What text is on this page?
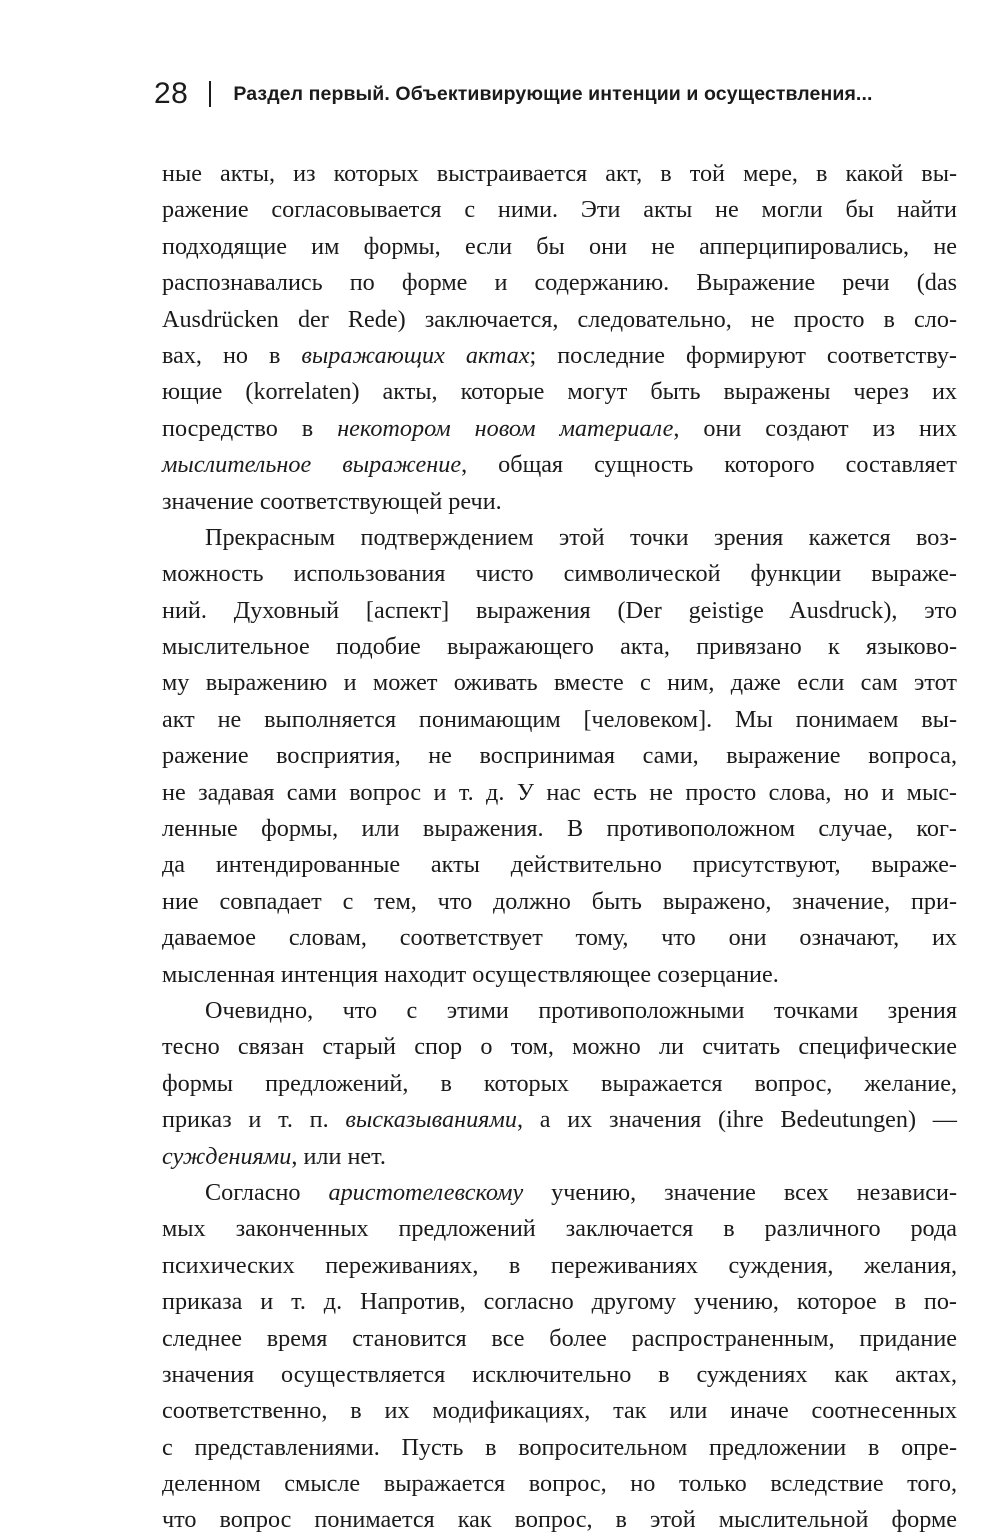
28 Раздел первый. Объективирующие интенции и осуществления...
ные акты, из которых выстраивается акт, в той мере, в какой вы-
ражение согласовывается с ними. Эти акты не могли бы найти
подходящие им формы, если бы они не апперципировались, не
распознавались по форме и содержанию. Выражение речи (das
Ausdrücken der Rede) заключается, следовательно, не просто в сло-
вах, но в выражающих актах; последние формируют соответству-
ющие (korrelaten) акты, которые могут быть выражены через их
посредство в некотором новом материале, они создают из них
мыслительное выражение, общая сущность которого составляет
значение соответствующей речи.
Прекрасным подтверждением этой точки зрения кажется воз-
можность использования чисто символической функции выраже-
ний. Духовный [аспект] выражения (Der geistige Ausdruck), это
мыслительное подобие выражающего акта, привязано к языково-
му выражению и может оживать вместе с ним, даже если сам этот
акт не выполняется понимающим [человеком]. Мы понимаем вы-
ражение восприятия, не воспринимая сами, выражение вопроса,
не задавая сами вопрос и т. д. У нас есть не просто слова, но и мыс-
ленные формы, или выражения. В противоположном случае, ког-
да интендированные акты действительно присутствуют, выраже-
ние совпадает с тем, что должно быть выражено, значение, при-
даваемое словам, соответствует тому, что они означают, их
мысленная интенция находит осуществляющее созерцание.
Очевидно, что с этими противоположными точками зрения
тесно связан старый спор о том, можно ли считать специфические
формы предложений, в которых выражается вопрос, желание,
приказ и т. п. высказываниями, а их значения (ihre Bedeutungen) —
суждениями, или нет.
Согласно аристотелевскому учению, значение всех независи-
мых законченных предложений заключается в различного рода
психических переживаниях, в переживаниях суждения, желания,
приказа и т. д. Напротив, согласно другому учению, которое в по-
следнее время становится все более распространенным, придание
значения осуществляется исключительно в суждениях как актах,
соответственно, в их модификациях, так или иначе соотнесенных
с представлениями. Пусть в вопросительном предложении в опре-
деленном смысле выражается вопрос, но только вследствие того,
что вопрос понимается как вопрос, в этой мыслительной форме
